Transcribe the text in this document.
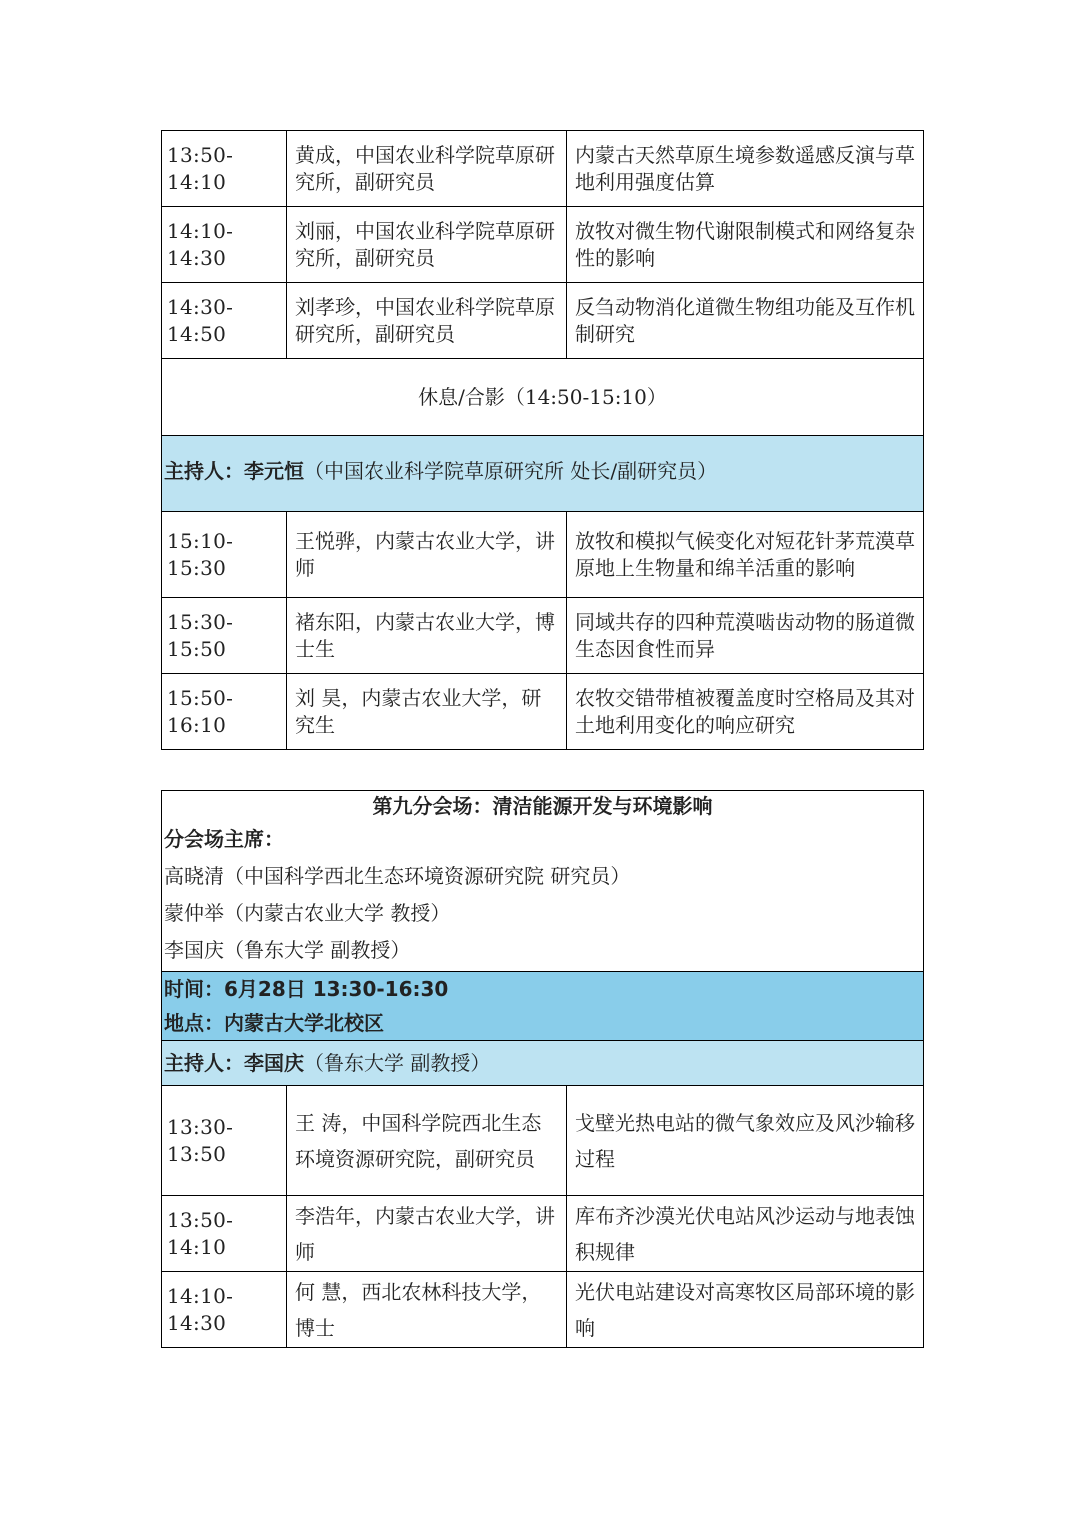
13:50-14:10	黄成，中国农业科学院草原研究所，副研究员	内蒙古天然草原生境参数遥感反演与草地利用强度估算
14:10-14:30	刘丽，中国农业科学院草原研究所，副研究员	放牧对微生物代谢限制模式和网络复杂性的影响
14:30-14:50	刘孝珍，中国农业科学院草原研究所，副研究员	反刍动物消化道微生物组功能及互作机制研究
休息/合影（14:50-15:10）		
主持人：李元恒（中国农业科学院草原研究所 处长/副研究员）		
15:10-15:30	王悦骅，内蒙古农业大学，讲师	放牧和模拟气候变化对短花针茅荒漠草原地上生物量和绵羊活重的影响
15:30-15:50	褚东阳，内蒙古农业大学，博士生	同域共存的四种荒漠啮齿动物的肠道微生态因食性而异
15:50-16:10	刘 昊，内蒙古农业大学，研究生	农牧交错带植被覆盖度时空格局及其对土地利用变化的响应研究
第九分会场：清洁能源开发与环境影响
分会场主席：
高晓清（中国科学西北生态环境资源研究院 研究员）
蒙仲举（内蒙古农业大学 教授）
李国庆（鲁东大学 副教授）		

时间：6月28日 13:30-16:30
地点：内蒙古大学北校区		

主持人：李国庆（鲁东大学 副教授）		
13:30-13:50	王 涛，中国科学院西北生态环境资源研究院，副研究员	戈壁光热电站的微气象效应及风沙输移过程
13:50-14:10	李浩年，内蒙古农业大学，讲师	库布齐沙漠光伏电站风沙运动与地表蚀积规律
14:10-14:30	何 慧，西北农林科技大学，博士	光伏电站建设对高寒牧区局部环境的影响
